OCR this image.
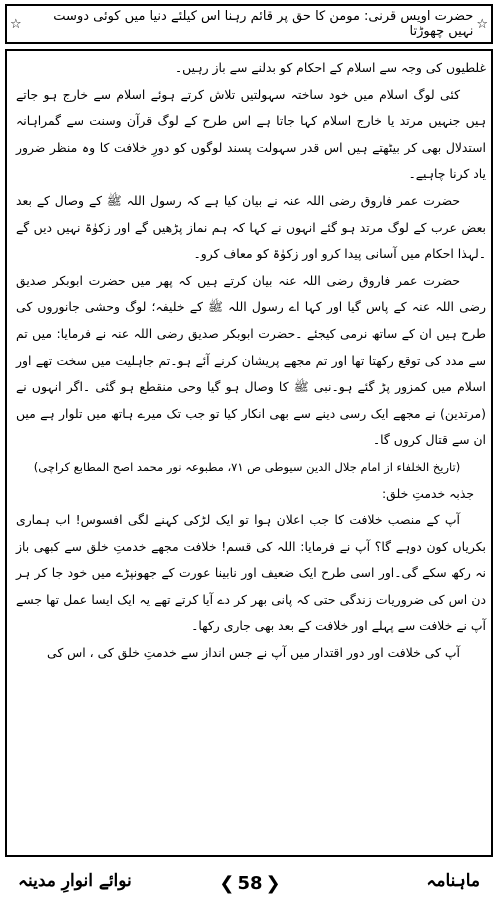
☆
حضرت اویس قرنی: مومن کا حق پر قائم رہنا اس کیلئے دنیا میں کوئی دوست نہیں چھوڑتا
☆

غلطیوں کی وجہ سے اسلام کے احکام کو بدلنے سے باز رہیں۔

کئی لوگ اسلام میں خود ساختہ سہولتیں تلاش کرتے ہوئے اسلام سے خارج ہو جاتے ہیں جنہیں مرتد یا خارج اسلام کہا جاتا ہے اس طرح کے لوگ قرآن وسنت سے گمراہانہ استدلال بھی کر بیٹھتے ہیں اس قدر سہولت پسند لوگوں کو دورِ خلافت کا وہ منظر ضرور یاد کرنا چاہیے۔

حضرت عمر فاروق رضی اللہ عنہ نے بیان کیا ہے کہ رسول اللہ ﷺ کے وصال کے بعد بعض عرب کے لوگ مرتد ہو گئے انہوں نے کہا کہ ہم نماز پڑھیں گے اور زکوٰۃ نہیں دیں گے ۔لہذا احکام میں آسانی پیدا کرو اور زکوٰۃ کو معاف کرو۔

حضرت عمر فاروق رضی اللہ عنہ بیان کرتے ہیں کہ پھر میں حضرت ابوبکر صدیق رضی اللہ عنہ کے پاس گیا اور کہا اے رسول اللہ ﷺ کے خلیفہ؛ لوگ وحشی جانوروں کی طرح ہیں ان کے ساتھ نرمی کیجئے ۔حضرت ابوبکر صدیق رضی اللہ عنہ نے فرمایا: میں تم سے مدد کی توقع رکھتا تھا اور تم مجھے پریشان کرنے آئے ہو۔تم جاہلیت میں سخت تھے اور اسلام میں کمزور پڑ گئے ہو۔نبی ﷺ کا وصال ہو گیا وحی منقطع ہو گئی ۔اگر انہوں نے (مرتدین) نے مجھے ایک رسی دینے سے بھی انکار کیا تو جب تک میرے ہاتھ میں تلوار ہے میں ان سے قتال کروں گا۔

(تاریخ الخلفاء از امام جلال الدین سیوطی ص ۷۱، مطبوعہ نور محمد اصح المطابع کراچی)

جذبہ خدمتِ خلق:

آپ کے منصب خلافت کا جب اعلان ہوا تو ایک لڑکی کہنے لگی افسوس! اب ہماری بکریاں کون دوہے گا؟ آپ نے فرمایا: اللہ کی قسم! خلافت مجھے خدمتِ خلق سے کبھی باز نہ رکھ سکے گی۔اور اسی طرح ایک ضعیف اور نابینا عورت کے جھونپڑے میں خود جا کر ہر دن اس کی ضروریات زندگی حتی کہ پانی بھر کر دے آیا کرتے تھے یہ ایک ایسا عمل تھا جسے آپ نے خلافت سے پہلے اور خلافت کے بعد بھی جاری رکھا۔

آپ کی خلافت اور دور اقتدار میں آپ نے جس انداز سے خدمتِ خلق کی ، اس کی

نوائے انوارِ مدینہ	❮ 58 ❯	ماہنامہ
